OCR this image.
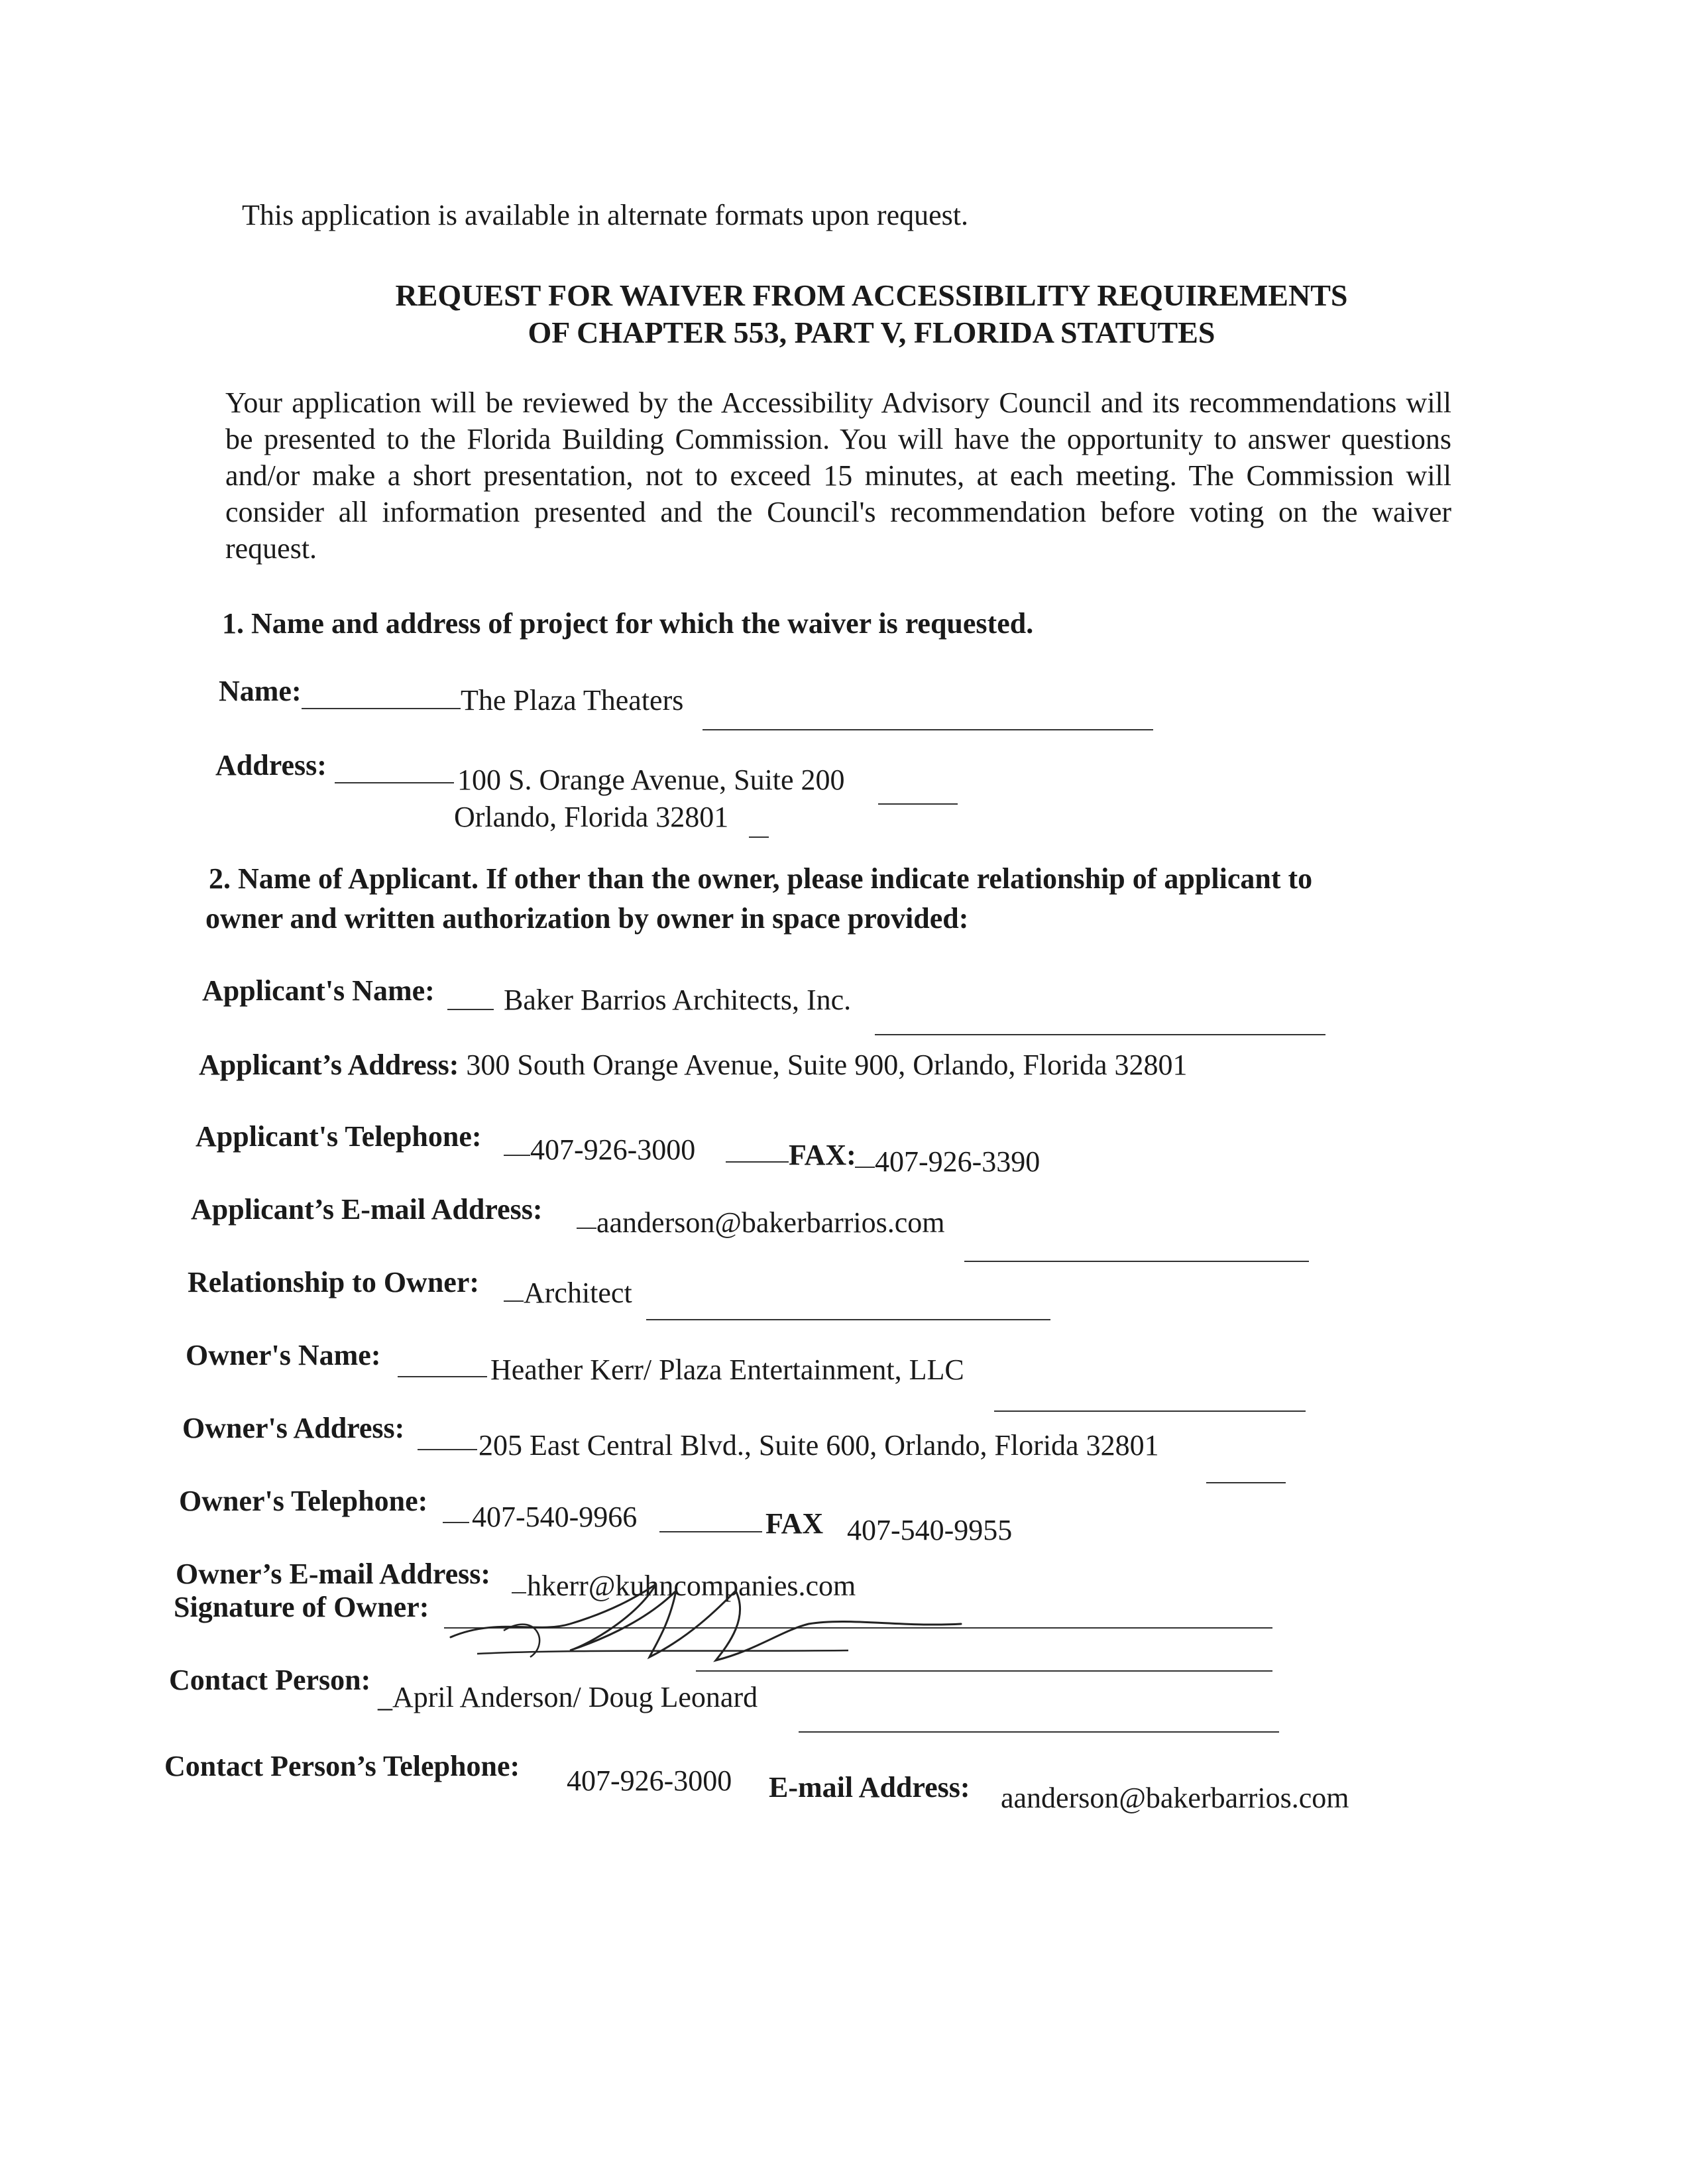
This application is available in alternate formats upon request.
REQUEST FOR WAIVER FROM ACCESSIBILITY REQUIREMENTS
OF CHAPTER 553, PART V, FLORIDA STATUTES
Your application will be reviewed by the Accessibility Advisory Council and its recommendations will be presented to the Florida Building Commission. You will have the opportunity to answer questions and/or make a short presentation, not to exceed 15 minutes, at each meeting. The Commission will consider all information presented and the Council's recommendation before voting on the waiver request.
1. Name and address of project for which the waiver is requested.
Name:	The Plaza Theaters
Address:	100 S. Orange Avenue, Suite 200
Orlando, Florida 32801
2. Name of Applicant. If other than the owner, please indicate relationship of applicant to
owner and written authorization by owner in space provided:
Applicant's Name: Baker Barrios Architects, Inc.
Applicant’s Address: 300 South Orange Avenue, Suite 900, Orlando, Florida 32801
Applicant's Telephone: 407-926-3000	FAX: 407-926-3390
Applicant’s E-mail Address: aanderson@bakerbarrios.com
Relationship to Owner: Architect
Owner's Name:	Heather Kerr/ Plaza Entertainment, LLC
Owner's Address:
205 East Central Blvd., Suite 600, Orlando, Florida 32801
Owner's Telephone: 407-540-9966	FAX 407-540-9955
Owner’s E-mail Address: hkerr@kuhncompanies.com
Signature of Owner:
Contact Person:
_April Anderson/ Doug Leonard
Contact Person’s Telephone: 407-926-3000 E-mail Address: aanderson@bakerbarrios.com
